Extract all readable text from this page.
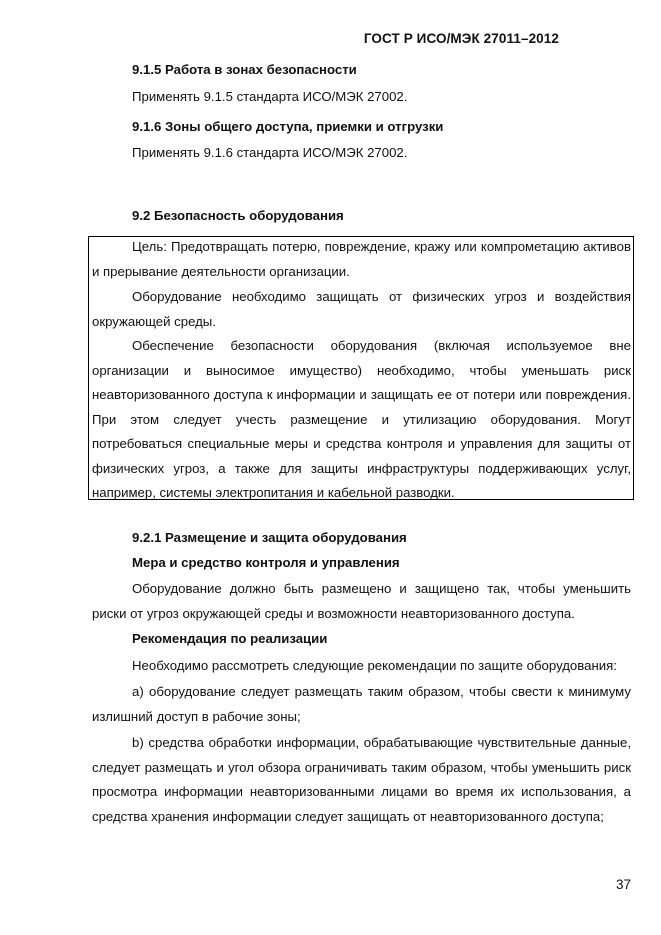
ГОСТ Р ИСО/МЭК 27011–2012
9.1.5 Работа в зонах безопасности
Применять 9.1.5 стандарта ИСО/МЭК 27002.
9.1.6 Зоны общего доступа, приемки и отгрузки
Применять 9.1.6 стандарта ИСО/МЭК 27002.
9.2 Безопасность оборудования
Цель: Предотвращать потерю, повреждение, кражу или компрометацию активов и прерывание деятельности организации.
Оборудование необходимо защищать от физических угроз и воздействия окружающей среды.
Обеспечение безопасности оборудования (включая используемое вне организации и выносимое имущество) необходимо, чтобы уменьшать риск неавторизованного доступа к информации и защищать ее от потери или повреждения. При этом следует учесть размещение и утилизацию оборудования. Могут потребоваться специальные меры и средства контроля и управления для защиты от физических угроз, а также для защиты инфраструктуры поддерживающих услуг, например, системы электропитания и кабельной разводки.
9.2.1 Размещение и защита оборудования
Мера и средство контроля и управления
Оборудование должно быть размещено и защищено так, чтобы уменьшить риски от угроз окружающей среды и возможности неавторизованного доступа.
Рекомендация по реализации
Необходимо рассмотреть следующие рекомендации по защите оборудования:
а) оборудование следует размещать таким образом, чтобы свести к минимуму излишний доступ в рабочие зоны;
b) средства обработки информации, обрабатывающие чувствительные данные, следует размещать и угол обзора ограничивать таким образом, чтобы уменьшить риск просмотра информации неавторизованными лицами во время их использования, а средства хранения информации следует защищать от неавторизованного доступа;
37
